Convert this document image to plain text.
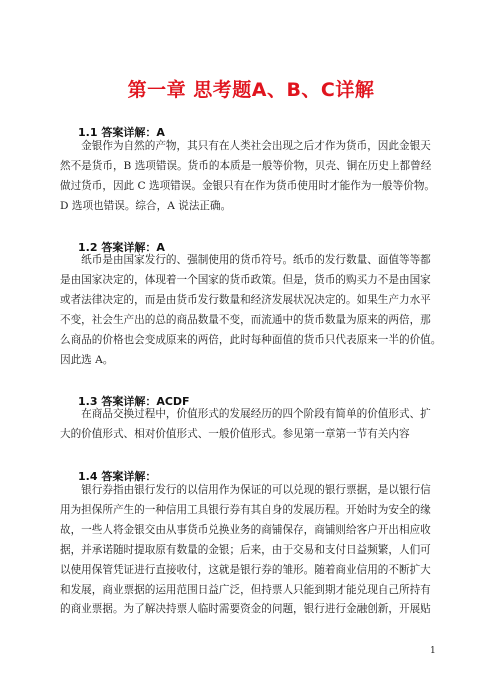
第一章 思考题A、B、C详解
1.1 答案详解：A
　　金银作为自然的产物，其只有在人类社会出现之后才作为货币，因此金银天
然不是货币，B 选项错误。货币的本质是一般等价物，贝壳、铜在历史上都曾经
做过货币，因此 C 选项错误。金银只有在作为货币使用时才能作为一般等价物。
D 选项也错误。综合，A 说法正确。
1.2 答案详解：A
　　纸币是由国家发行的、强制使用的货币符号。纸币的发行数量、面值等等都
是由国家决定的，体现着一个国家的货币政策。但是，货币的购买力不是由国家
或者法律决定的，而是由货币发行数量和经济发展状况决定的。如果生产力水平
不变，社会生产出的总的商品数量不变，而流通中的货币数量为原来的两倍，那
么商品的价格也会变成原来的两倍，此时每种面值的货币只代表原来一半的价值。
因此选 A。
1.3 答案详解：ACDF
　　在商品交换过程中，价值形式的发展经历的四个阶段有简单的价值形式、扩
大的价值形式、相对价值形式、一般价值形式。参见第一章第一节有关内容
1.4 答案详解：
　　银行券指由银行发行的以信用作为保证的可以兑现的银行票据，是以银行信
用为担保所产生的一种信用工具银行券有其自身的发展历程。开始时为安全的缘
故，一些人将金银交由从事货币兑换业务的商铺保存，商铺则给客户开出相应收
据，并承诺随时提取原有数量的金银；后来，由于交易和支付日益频繁，人们可
以使用保管凭证进行直接收付，这就是银行券的雏形。随着商业信用的不断扩大
和发展，商业票据的运用范围日益广泛，但持票人只能到期才能兑现自己所持有
的商业票据。为了解决持票人临时需要资金的问题，银行进行金融创新，开展贴
1
